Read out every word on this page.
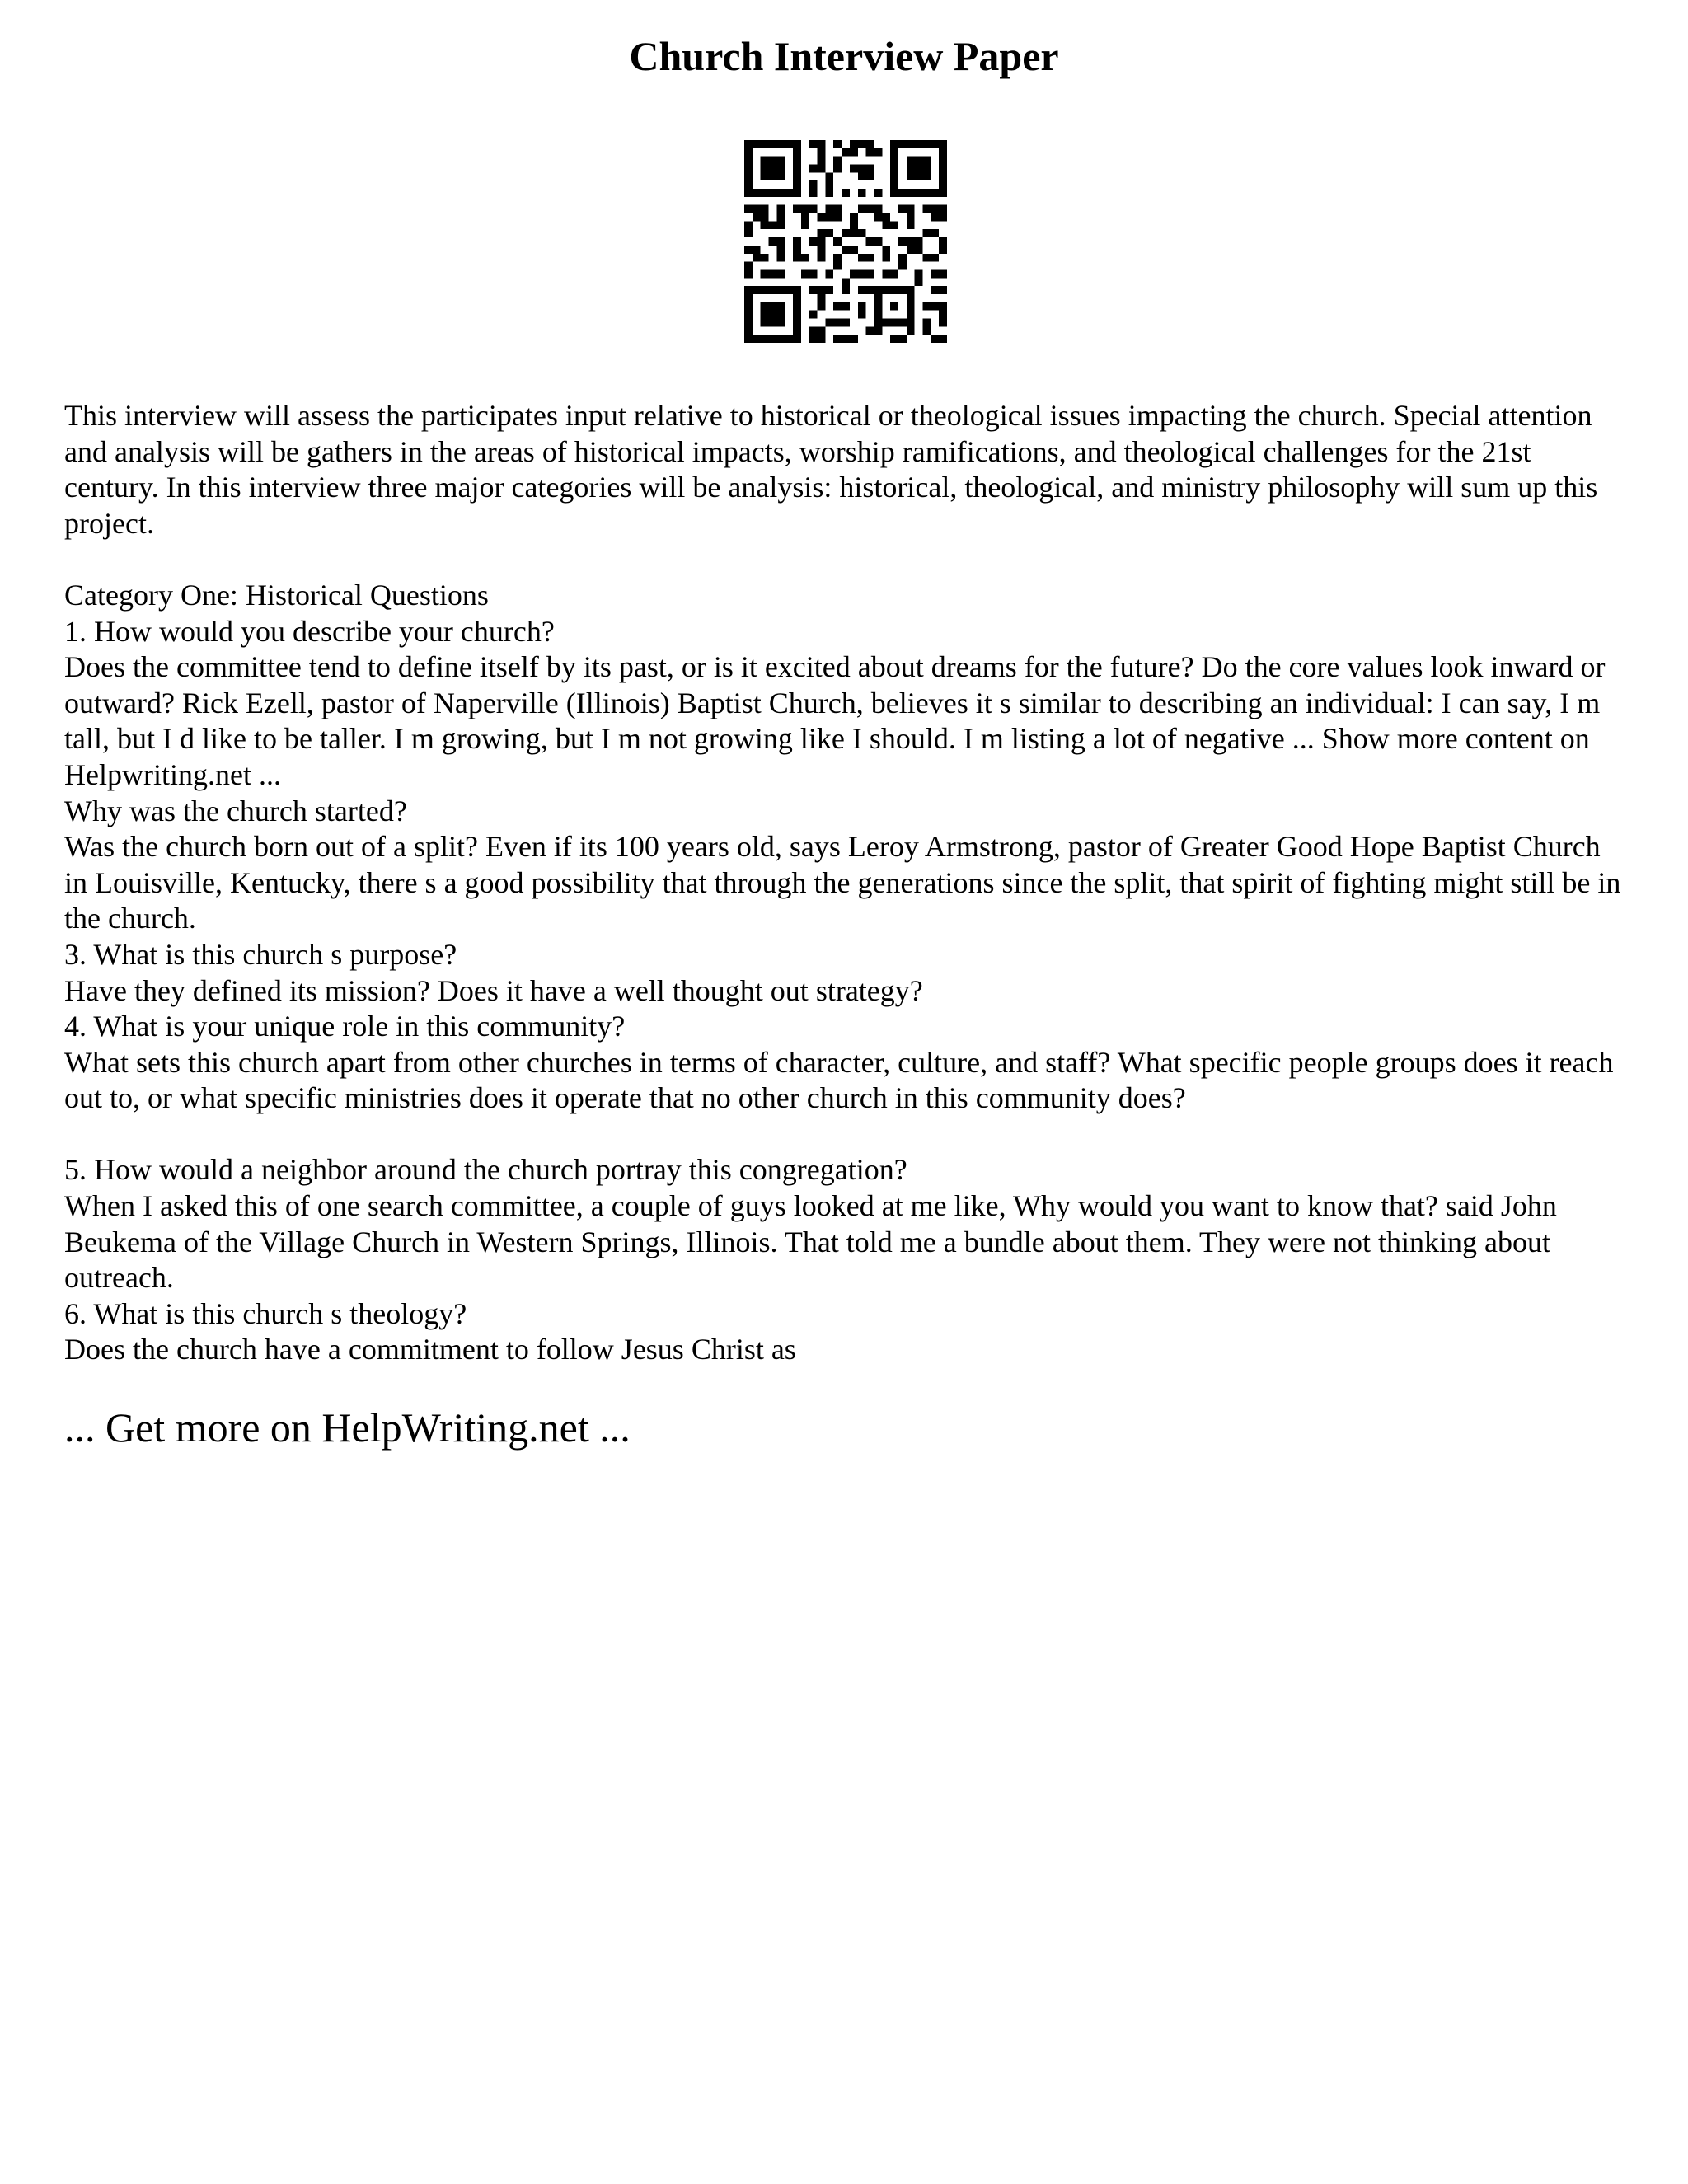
Church Interview Paper

This interview will assess the participates input relative to historical or theological issues impacting the church. Special attention and analysis will be gathers in the areas of historical impacts, worship ramifications, and theological challenges for the 21st century. In this interview three major categories will be analysis: historical, theological, and ministry philosophy will sum up this project.

Category One: Historical Questions

1. How would you describe your church?

Does the committee tend to define itself by its past, or is it excited about dreams for the future? Do the core values look inward or outward? Rick Ezell, pastor of Naperville (Illinois) Baptist Church, believes it s similar to describing an individual: I can say, I m tall, but I d like to be taller. I m growing, but I m not growing like I should. I m listing a lot of negative ... Show more content on Helpwriting.net ...

Why was the church started?

Was the church born out of a split? Even if its 100 years old, says Leroy Armstrong, pastor of Greater Good Hope Baptist Church in Louisville, Kentucky, there s a good possibility that through the generations since the split, that spirit of fighting might still be in the church.

3. What is this church s purpose?

Have they defined its mission? Does it have a well thought out strategy?

4. What is your unique role in this community?

What sets this church apart from other churches in terms of character, culture, and staff? What specific people groups does it reach out to, or what specific ministries does it operate that no other church in this community does?

5. How would a neighbor around the church portray this congregation?

When I asked this of one search committee, a couple of guys looked at me like, Why would you want to know that? said John Beukema of the Village Church in Western Springs, Illinois. That told me a bundle about them. They were not thinking about outreach.

6. What is this church s theology?

Does the church have a commitment to follow Jesus Christ as

... Get more on HelpWriting.net ...
